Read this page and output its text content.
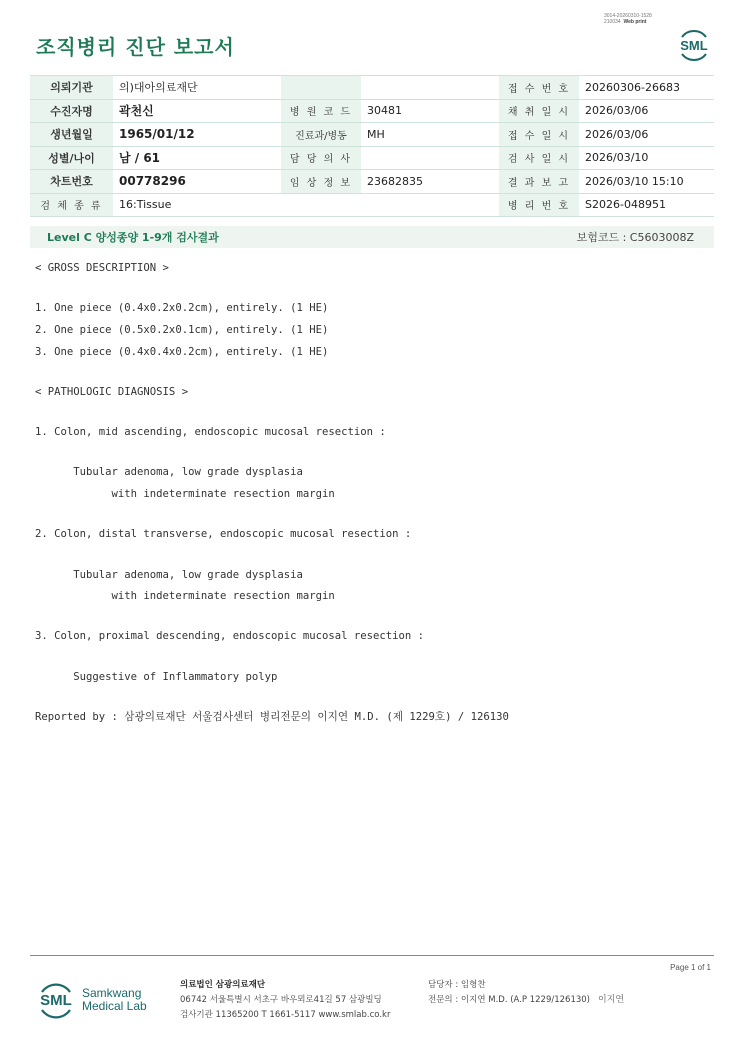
3014-20260310-1528
210034 Web print
조직병리 진단 보고서	SML
의뢰기관	의)대아의료재단			접 수 번 호	20260306-26683
수진자명	곽천신	병 원 코 드	30481	채 취 일 시	2026/03/06
생년월일	1965/01/12	진료과/병동	MH	접 수 일 시	2026/03/06
성별/나이	남 / 61	담 당 의 사		검 사 일 시	2026/03/10
차트번호	00778296	임 상 정 보	23682835	결 과 보 고	2026/03/10 15:10
검 체 종 류	16:Tissue			병 리 번 호	S2026-048951
Level C 양성종양 1-9개 검사결과	보험코드 : C5603008Z
< GROSS DESCRIPTION >
1. One piece (0.4x0.2x0.2cm), entirely. (1 HE)
2. One piece (0.5x0.2x0.1cm), entirely. (1 HE)
3. One piece (0.4x0.4x0.2cm), entirely. (1 HE)
< PATHOLOGIC DIAGNOSIS >
1. Colon, mid ascending, endoscopic mucosal resection :
Tubular adenoma, low grade dysplasia
with indeterminate resection margin
2. Colon, distal transverse, endoscopic mucosal resection :
Tubular adenoma, low grade dysplasia
with indeterminate resection margin
3. Colon, proximal descending, endoscopic mucosal resection :
Suggestive of Inflammatory polyp
Reported by : 삼광의료재단 서울검사센터 병리전문의 이지연 M.D. (제 1229호) / 126130
Page 1 of 1
SML Samkwang
Medical Lab
의료법인 삼광의료재단
06742 서울특별시 서초구 바우뫼로41길 57 삼광빌딩
검사기관 11365200 T 1661-5117 www.smlab.co.kr
담당자 : 임형찬
전문의 : 이지연 M.D. (A.P 1229/126130) 이지연
